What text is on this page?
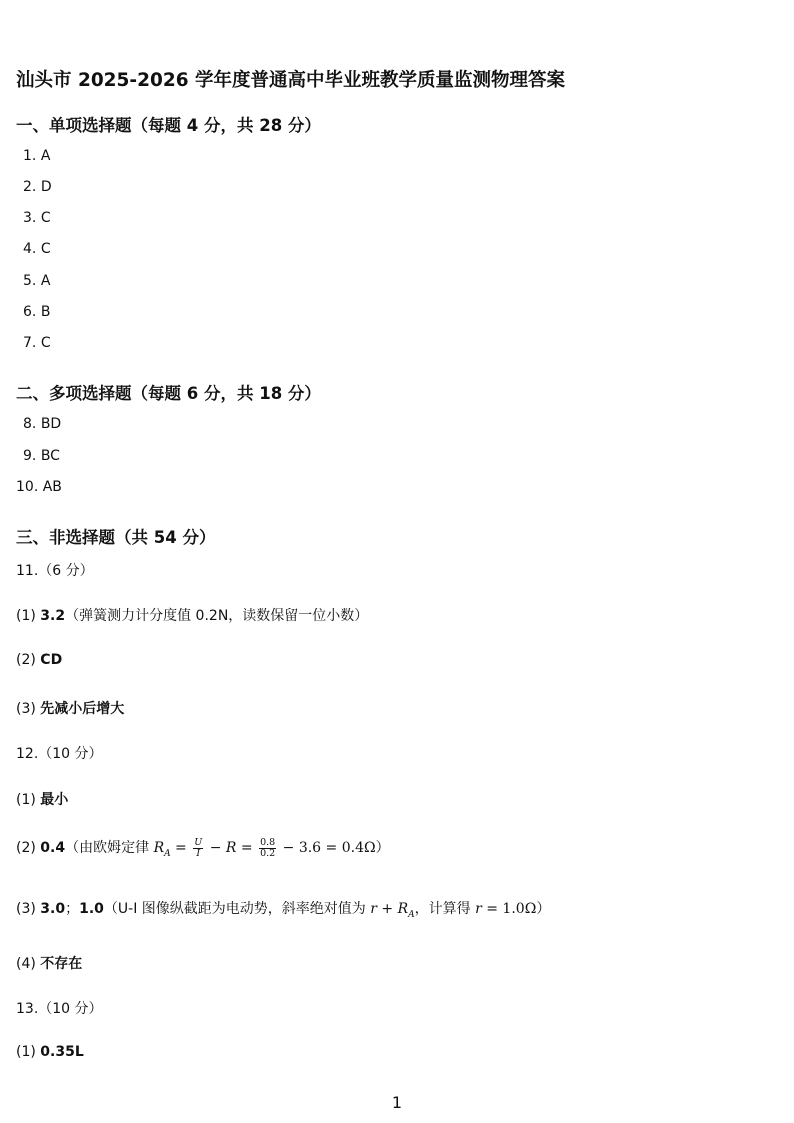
汕头市 2025-2026 学年度普通高中毕业班教学质量监测物理答案
一、单项选择题（每题 4 分，共 28 分）
1. A
2. D
3. C
4. C
5. A
6. B
7. C
二、多项选择题（每题 6 分，共 18 分）
8. BD
9. BC
10. AB
三、非选择题（共 54 分）
11.（6 分）
(1) 3.2（弹簧测力计分度值 0.2N，读数保留一位小数）
(2) CD
(3) 先减小后增大
12.（10 分）
(1) 最小
(2) 0.4（由欧姆定律 $R_A = \frac{U}{I} - R = \frac{0.8}{0.2} - 3.6 = 0.4\Omega$）
(3) 3.0；1.0（U-I 图像纵截距为电动势，斜率绝对值为 $r + R_A$，计算得 r = 1.0Ω）
(4) 不存在
13.（10 分）
(1) 0.35L
1
